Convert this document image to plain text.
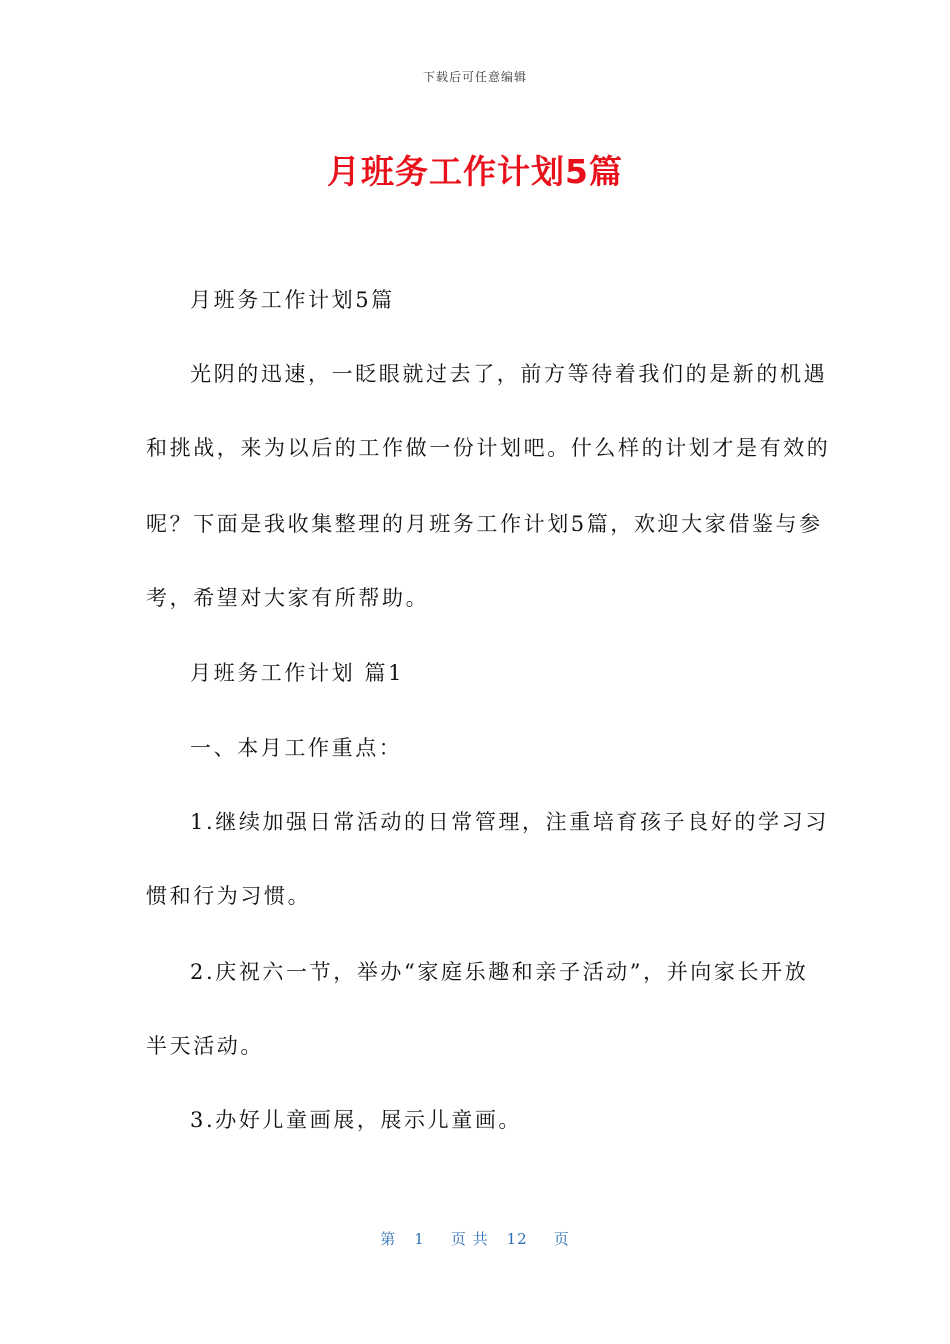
下载后可任意编辑
月班务工作计划5篇
月班务工作计划5篇
光阴的迅速，一眨眼就过去了，前方等待着我们的是新的机遇
和挑战，来为以后的工作做一份计划吧。什么样的计划才是有效的
呢？下面是我收集整理的月班务工作计划5篇，欢迎大家借鉴与参
考，希望对大家有所帮助。
月班务工作计划 篇1
一、本月工作重点：
1.继续加强日常活动的日常管理，注重培育孩子良好的学习习
惯和行为习惯。
2.庆祝六一节，举办“家庭乐趣和亲子活动”，并向家长开放
半天活动。
3.办好儿童画展，展示儿童画。
第 1 页 共 12 页
